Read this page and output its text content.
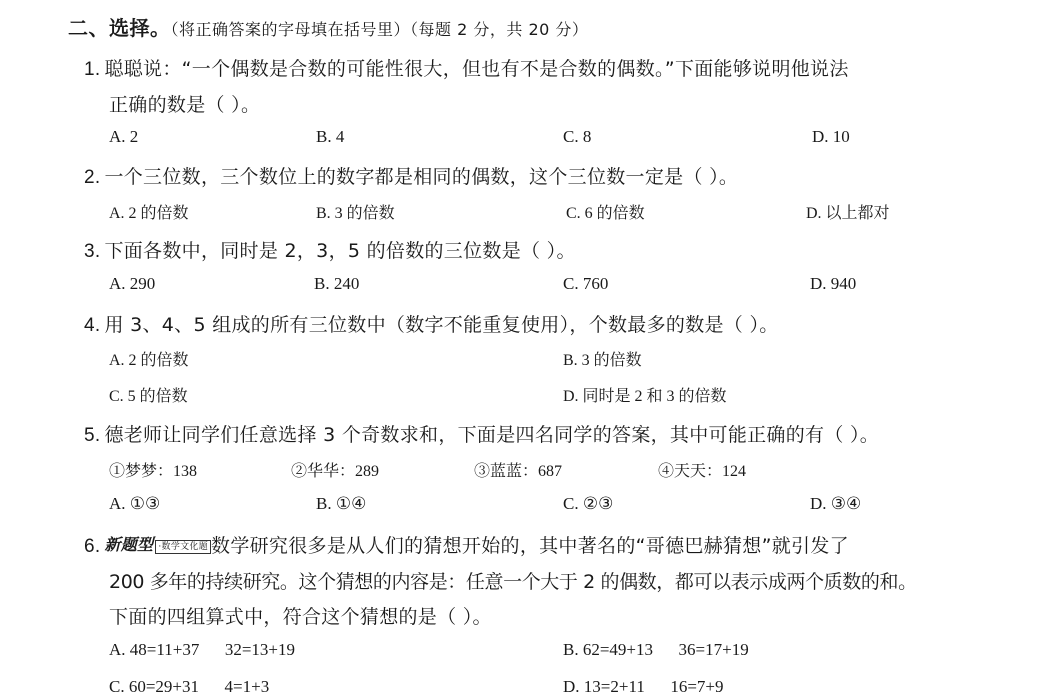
二、选择。（将正确答案的字母填在括号里）（每题 2 分，共 20 分）
1. 聪聪说：“一个偶数是合数的可能性很大，但也有不是合数的偶数。”下面能够说明他说法
正确的数是（ ）。
A. 2	B. 4	C. 8	D. 10
2. 一个三位数，三个数位上的数字都是相同的偶数，这个三位数一定是（ ）。
A. 2 的倍数	B. 3 的倍数	C. 6 的倍数	D. 以上都对
3. 下面各数中，同时是 2，3，5 的倍数的三位数是（ ）。
A. 290	B. 240	C. 760	D. 940
4. 用 3、4、5 组成的所有三位数中（数字不能重复使用），个数最多的数是（ ）。
A. 2 的倍数	B. 3 的倍数
C. 5 的倍数	D. 同时是 2 和 3 的倍数
5. 德老师让同学们任意选择 3 个奇数求和，下面是四名同学的答案，其中可能正确的有（ ）。
①梦梦：138	②华华：289	③蓝蓝：687	④天天：124
A. ①③	B. ①④	C. ②③	D. ③④
6. 新题型 ·数学文化题 数学研究很多是从人们的猜想开始的，其中著名的“哥德巴赫猜想”就引发了
200 多年的持续研究。这个猜想的内容是：任意一个大于 2 的偶数，都可以表示成两个质数的和。
下面的四组算式中，符合这个猜想的是（ ）。
A. 48=11+37      32=13+19	B. 62=49+13      36=17+19
C. 60=29+31      4=1+3	D. 13=2+11      16=7+9
